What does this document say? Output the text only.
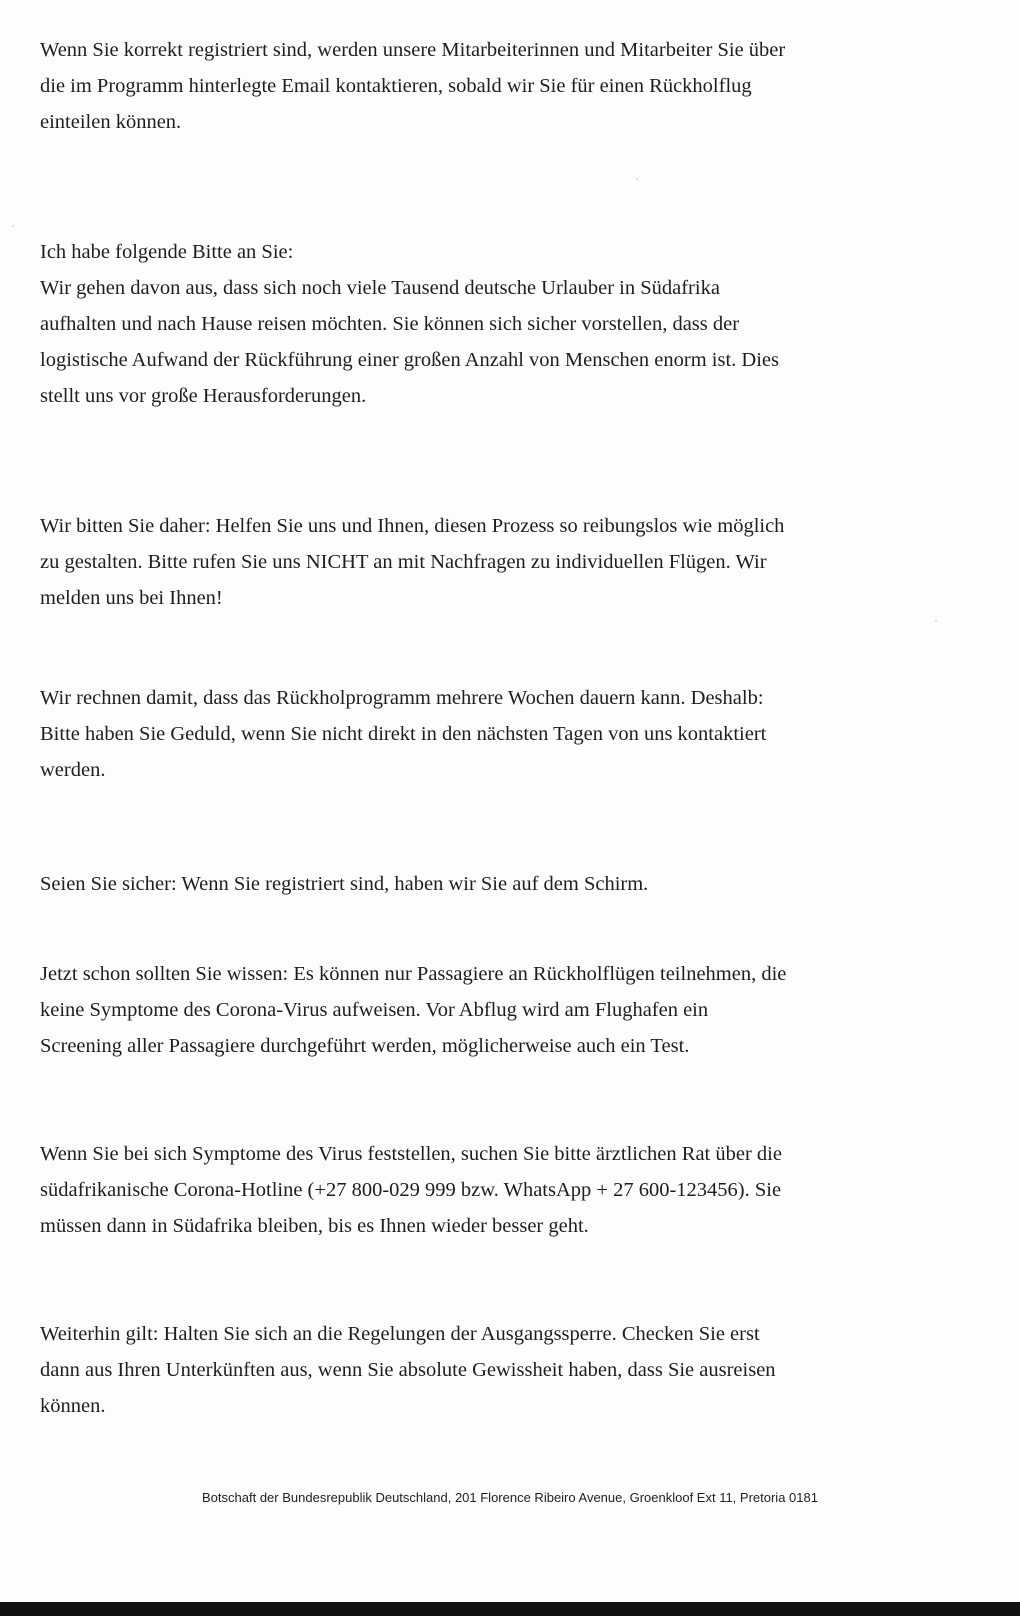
Wenn Sie korrekt registriert sind, werden unsere Mitarbeiterinnen und Mitarbeiter Sie über
die im Programm hinterlegte Email kontaktieren, sobald wir Sie für einen Rückholflug
einteilen können.
Ich habe folgende Bitte an Sie:
Wir gehen davon aus, dass sich noch viele Tausend deutsche Urlauber in Südafrika
aufhalten und nach Hause reisen möchten. Sie können sich sicher vorstellen, dass der
logistische Aufwand der Rückführung einer großen Anzahl von Menschen enorm ist. Dies
stellt uns vor große Herausforderungen.
Wir bitten Sie daher: Helfen Sie uns und Ihnen, diesen Prozess so reibungslos wie möglich
zu gestalten. Bitte rufen Sie uns NICHT an mit Nachfragen zu individuellen Flügen. Wir
melden uns bei Ihnen!
Wir rechnen damit, dass das Rückholprogramm mehrere Wochen dauern kann. Deshalb:
Bitte haben Sie Geduld, wenn Sie nicht direkt in den nächsten Tagen von uns kontaktiert
werden.
Seien Sie sicher: Wenn Sie registriert sind, haben wir Sie auf dem Schirm.
Jetzt schon sollten Sie wissen: Es können nur Passagiere an Rückholflügen teilnehmen, die
keine Symptome des Corona-Virus aufweisen. Vor Abflug wird am Flughafen ein
Screening aller Passagiere durchgeführt werden, möglicherweise auch ein Test.
Wenn Sie bei sich Symptome des Virus feststellen, suchen Sie bitte ärztlichen Rat über die
südafrikanische Corona-Hotline (+27 800-029 999 bzw. WhatsApp + 27 600-123456). Sie
müssen dann in Südafrika bleiben, bis es Ihnen wieder besser geht.
Weiterhin gilt: Halten Sie sich an die Regelungen der Ausgangssperre. Checken Sie erst
dann aus Ihren Unterkünften aus, wenn Sie absolute Gewissheit haben, dass Sie ausreisen
können.
Botschaft der Bundesrepublik Deutschland, 201 Florence Ribeiro Avenue, Groenkloof Ext 11, Pretoria 0181
